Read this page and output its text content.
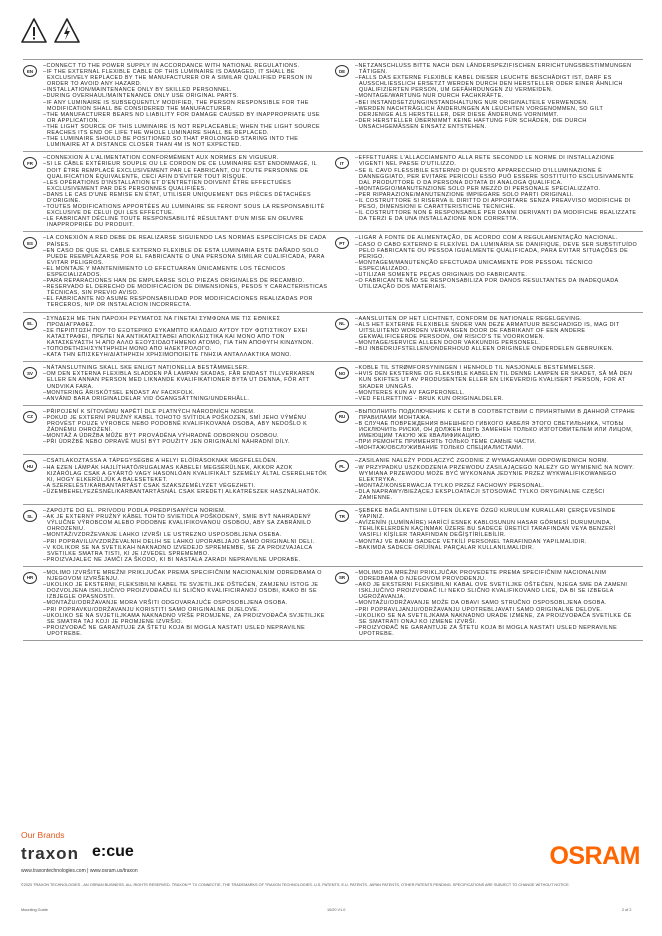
EN
–CONNECT TO THE POWER SUPPLY IN ACCORDANCE WITH NATIONAL REGULATIONS.
–IF THE EXTERNAL FLEXIBLE CABLE OF THIS LUMINAIRE IS DAMAGED, IT SHALL BE EXCLUSIVELY REPLACED BY THE MANUFACTURER OR A SIMILAR QUALIFIED PERSON IN ORDER TO AVOID ANY HAZARD.
–INSTALLATION/MAINTENANCE ONLY BY SKILLED PERSONNEL.
–DURING OVERHAUL/MAINTENANCE ONLY USE ORIGINAL PARTS.
–IF ANY LUMINAIRE IS SUBSEQUENTLY MODIFIED, THE PERSON RESPONSIBLE FOR THE MODIFICATION SHALL BE CONSIDERED THE MANUFACTURER.
–THE MANUFACTURER BEARS NO LIABILITY FOR DAMAGE CAUSED BY INAPPROPRIATE USE OR APPLICATION.
–THE LIGHT SOURCE OF THIS LUMINAIRE IS NOT REPLACEABLE; WHEN THE LIGHT SOURCE REACHES ITS END OF LIFE THE WHOLE LUMINAIRE SHALL BE REPLACED.
–THE LUMINAIRE SHOULD BE POSITIONED SO THAT PROLONGED STARING INTO THE LUMINAIRE AT A DISTANCE CLOSER THAN 4M IS NOT EXPECTED.
DE
–NETZANSCHLUSS BITTE NACH DEN LÄNDERSPEZIFISCHEN ERRICHTUNGSBESTIMMUNGEN TÄTIGEN.
–FALLS DAS EXTERNE FLEXIBLE KABEL DIESER LEUCHTE BESCHÄDIGT IST, DARF ES AUSSCHLIESSLICH ERSETZT WERDEN DURCH DEN HERSTELLER ODER EINER ÄHNLICH QUALIFIZIERTEN PERSON, UM GEFÄHRDUNGEN ZU VERMEIDEN.
–MONTAGE/WARTUNG NUR DURCH FACHKRÄFTE.
–BEI INSTANDSETZUNG/INSTANDHALTUNG NUR ORIGINALTEILE VERWENDEN.
–WERDEN NACHTRÄGLICH ÄNDERUNGEN AN LEUCHTEN VORGENOMMEN, SO GILT DERJENIGE ALS HERSTELLER, DER DIESE ÄNDERUNG VORNIMMT.
–DER HERSTELLER ÜBERNIMMT KEINE HAFTUNG FÜR SCHÄDEN, DIE DURCH UNSACHGEMÄSSEN EINSATZ ENTSTEHEN.
FR
–CONNEXION À L'ALIMENTATION CONFORMÉMENT AUX NORMES EN VIGUEUR.
–SI LE CÂBLE EXTÉRIEUR SOUPLE OU LE CORDON DE CE LUMINAIRE EST ENDOMMAGÉ, IL DOIT ÊTRE REMPLACÉ EXCLUSIVEMENT PAR LE FABRICANT, OU TOUTE PERSONNE DE QUALIFICATION ÉQUIVALENTE, CECI AFIN D'ÉVITER TOUT RISQUE.
–LES OPÉRATIONS D'INSTALLATION ET D'ENTRETIEN DOIVENT ÊTRE EFFECTUÉES EXCLUSIVEMENT PAR DES PERSONNES QUALIFIÉES.
–DANS LE CAS D'UNE REMISE EN ÉTAT, UTILISER UNIQUEMENT DES PIÈCES DÉTACHÉES D'ORIGINE.
–TOUTES MODIFICATIONS APPORTÉES AU LUMINAIRE SE FERONT SOUS LA RESPONSABILITÉ EXCLUSIVE DE CELUI QUI LES EFFECTUE.
–LE FABRICANT DÉCLINE TOUTE RESPONSABILITÉ RÉSULTANT D'UN MISE EN OEUVRE INAPPROPRIÉE DU PRODUIT.
IT
–EFFETTUARE L'ALLACCIAMENTO ALLA RETE SECONDO LE NORME DI INSTALLAZIONE VIGENTI NEL PAESE D'UTILIZZO.
–SE IL CAVO FLESSIBILE ESTERNO DI QUESTO APPARECCHIO D'ILLUMINAZIONE È DANNEGGIATO, PER EVITARE PERICOLI ESSO PUÒ ESSERE SOSTITUITO ESCLUSIVAMENTE DAL PRODUTTORE O DA PERSONA DOTATA DI ANALOGA QUALIFICA.
–MONTAGGIO/MANUTENZIONE SOLO PER MEZZO DI PERSONALE SPECIALIZZATO.
–PER RIPARAZIONE/MANUTENZIONE IMPIEGARE SOLO PARTI ORIGINALI.
–IL COSTRUTTORE SI RISERVA IL DIRITTO DI APPORTARE SENZA PREAVVISO MODIFICHE DI PESO, DIMENSIONI E CARATTERISTICHE TECNICHE.
–IL COSTRUTTORE NON È RESPONSABILE PER DANNI DERIVANTI DA MODIFICHE REALIZZATE DA TERZI E DA UNA INSTALLAZIONE NON CORRETTA.
ES
–LA CONEXIÓN A RED DEBE DE REALIZARSE SIGUIENDO LAS NORMAS ESPECÍFICAS DE CADA PAÍSES.
–EN CASO DE QUE EL CABLE EXTERNO FLEXIBLE DE ESTA LUMINARIA ESTE DAÑADO SOLO PUEDE REEMPLAZARSE POR EL FABRICANTE O UNA PERSONA SIMILAR CUALIFICADA, PARA EVITAR PELIGROS.
–EL MONTAJE Y MANTENIMIENTO LO EFECTUARAN ÚNICAMENTE LOS TÉCNICOS ESPECIALIZADOS.
–PARA REPARACIONES HAN DE EMPLEARSE SOLO PIEZAS ORIGINALES DE RECAMBIO.
–RESERVADO EL DERECHO DE MODIFICACION DE DIMENSIONES, PESOS Y CARACTERISTICAS TÉCNICAS, SIN PREVIO AVISO.
–EL FABRICANTE NO ASUME RESPONSABILIDAD POR MODIFICACIONES REALIZADAS POR TERCEROS, NIP OR INSTALACION INCORRECTA.
PT
–LIGAR À FONTE DE ALIMENTAÇÃO, DE ACORDO COM A REGULAMENTAÇÃO NACIONAL.
–CASO O CABO EXTERNO E FLEXÍVEL DA LUMINÁRIA SE DANIFIQUE, DEVE SER SUBSTITUÍDO PELO FABRICANTE OU PESSOA IGUALMENTE QUALIFICADA, PARA EVITAR SITUAÇÕES DE PERIGO.
–MONTAGEM/MANUTENÇÃO EFECTUADA UNICAMENTE POR PESSOAL TÉCNICO ESPECIALIZADO.
–UTILIZAR SOMENTE PEÇAS ORIGINAIS DO FABRICANTE.
–O FABRICANTE NÃO SE RESPONSABILIZA POR DANOS RESULTANTES DA INADEQUADA UTILIZAÇÃO DOS MATERIAIS.
EL
–ΣΥΝΔΕΣΗ ΜΕ ΤΗΝ ΠΑΡΟΧΗ ΡΕΥΜΑΤΟΣ ΝΑ ΓΙΝΕΤΑΙ ΣΥΜΦΩΝΑ ΜΕ ΤΙΣ ΕΘΝΙΚΕΣ ΠΡΟΔΙΑΓΡΑΦΕΣ.
–ΣΕ ΠΕΡΙΠΤΩΣΗ ΠΟΥ ΤΟ ΕΞΩΤΕΡΙΚΟ ΕΥΚΑΜΠΤΟ ΚΑΛΩΔΙΟ ΑΥΤΟΥ ΤΟΥ ΦΩΤΙΣΤΙΚΟΥ ΕΧΕΙ ΚΑΤΑΣΤΡΑΦΕΙ, ΠΡΕΠΕΙ ΝΑ ΑΝΤΙΚΑΤΑΣΤΑΘΕΙ ΑΠΟΚΛΕΙΣΤΙΚΑ ΚΑΙ ΜΟΝΟ ΑΠΟ ΤΟΝ ΚΑΤΑΣΚΕΥΑΣΤΗ Ή ΑΠΟ ΑΛΛΟ ΕΞΟΥΣΙΟΔΟΤΗΜΕΝΟ ΑΤΟΜΟ, ΓΙΑ ΤΗΝ ΑΠΟΦΥΓΗ ΚΙΝΔΥΝΟΝ.
–ΤΟΠΟΘΕΤΗΣΗ/ΣΥΝΤΗΡΗΣΗ ΜΟΝΟ ΑΠΟ ΗΛΕΚΤΡΟΛΟΓΟ.
–ΚΑΤΑ ΤΗΝ ΕΠΙΣΚΕΥΗ/ΔΙΑΤΗΡΗΣΗ ΧΡΗΣΙΜΟΠΟΙΕΙΤΕ ΓΝΗΣΙΑ ΑΝΤΑΛΛΑΚΤΙΚΑ ΜΟΝΟ.
NL
–AANSLUITEN OP HET LICHTNET, CONFORM DE NATIONALE REGELGEVING.
–ALS HET EXTERNE FLEXIBELE SNOER VAN DEZE ARMATUUR BESCHADIGD IS, MAG DIT UITSLUITEND WORDEN VERVANGEN DOOR DE FABRIKANT OF EEN ANDERE GEKWALIFICEERDE PERSOON, OM RISICO'S TE VOORKOMEN.
–MONTAGE/SERVICE ALLEEN DOOR VAKKUNDIG PERSONEEL.
–BIJ INBEDRIJFSTELLEN/ONDERHOUD ALLEEN ORIGINELE ONDERDELEN GEBRUIKEN.
SV
–NÄTANSLUTNING SKALL SKE ENLIGT NATIONELLA BESTÄMMELSER.
–OM DEN EXTERNA FLEXIBLA SLADDEN PÅ LAMPAN SKADAS, FÅR ENDAST TILLVERKAREN ELLER EN ANNAN PERSON MED LIKNANDE KVALIFIKATIONER BYTA UT DENNA, FÖR ATT UNDVIKA FARA.
–MONTERING ÄR/SKÖTSEL ENDAST AV FACKFOLK.
–ANVÄND BARA ORIGINALDELAR VID ÖGANGSÄTTNING/UNDERHÅLL.
NO
–KOBLE TIL STRØMFORSYNINGEN I HENHOLD TIL NASJONALE BESTEMMELSER.
–HVIS DEN EKSTERNE OG FLEKSIBLE KABELEN TIL DENNE LAMPEN ER SKADET, SÅ MÅ DEN KUN SKIFTES UT AV PRODUSENTEN ELLER EN LIKEVERDIG KVALISERT PERSON, FOR AT SKADER UNNGÅS.
–MONTERES KUN AV FAGPERONELL.
–VED FEILRETTING - BRUK KUN ORIGINALDELER.
CZ
–PŘIPOJENÍ K SÍTOVÉMU NAPĚTÍ DLE PLATNÝCH NÁRODNÍCH NOREM.
–POKUD JE EXTERNÍ PRUŽNÝ KABEL TOHOTO SVÍTIDLA POŠKOZEN, SMÍ JEHO VÝMĚNU PROVÉST POUZE VÝROBCE NEBO PODOBNĚ KVALIFIKOVANÁ OSOBA, ABY NEDOŠLO K ŽÁDNÉMU OHROŽENÍ.
–MONTÁŽ A ÚDRŽBA MŮŽE BÝT PROVÁDĚNA VÝHRADNĚ ODBORNOU OSOBOU.
–PŘI ÚDRŽBĚ NEBO OPRAVĚ MUSÍ BÝT POUŽITY JEN ORIGINÁLNÍ NÁHRADNÍ DÍLY.
RU
–ВЫПОЛНИТЬ ПОДКЛЮЧЕНИЕ К СЕТИ В СООТВЕТСТВИИ С ПРИНЯТЫМИ В ДАННОЙ СТРАНЕ ПРАВИЛАМИ МОНТАЖА.
–В СЛУЧАЕ ПОВРЕЖДЕНИЯ ВНЕШНЕГО ГИБКОГО КАБЕЛЯ ЭТОГО СВЕТИЛЬНИКА, ЧТОБЫ ИСКЛЮЧИТЬ РИСКИ, ОН ДОЛЖЕН БЫТЬ ЗАМЕНЕН ТОЛЬКО ИЗГОТОВИТЕЛЕМ ИЛИ ЛИЦОМ, ИМЕЮЩИМ ТАКУЮ ЖЕ КВАЛИФИКАЦИЮ.
–ПРИ РЕМОНТЕ ПРИМЕНЯТЬ ТОЛЬКО ТЕМЕ САМЫЕ ЧАСТИ.
–МОНТАЖ/ОБСЛУЖИВАНИЕ ТОЛЬКО СПЕЦИАЛИСТАМИ.
HU
–CSATLAKOZTASSA A TÁPEGYSÉGBE A HELYI ELŐÍRÁSOKNAK MEGFELELŐEN.
–HA EZEN LÁMPÁK HAJLÍTHATÓ/RUGALMAS KÁBELEI MEGSÉRÜLNEK, AKKOR AZOK KIZÁRÓLAG CSAK A GYÁRTÓ VAGY HASONLÓAN KVALIFIKÁLT SZEMÉLY ÁLTAL CSERÉLHETŐK KI, HOGY ELKERÜLJÜK A BALESETEKET.
–A SZERELÉST/KARBANTARTÁST CSAK SZAKSZEMÉLYZET VÉGEZHETI.
–ÜZEMBEHELYEZÉSNÉL/KARBANTARTÁSNÁL CSAK EREDETI ALKATRÉSZEK HASZNÁLHATÓK.
PL
–ZASILANIE NALEŻY PODŁĄCZYĆ ZGODNIE Z WYMAGANIAMI ODPOWIEDNICH NORM.
–W PRZYPADKU USZKODZENIA PRZEWODU ZASILAJĄCEGO NALEŻY GO WYMIENIĆ NA NOWY. WYMIANA PRZEWODU MOŻE BYĆ WYKONANA JEDYNIE PRZEZ WYKWALIFIKOWANEGO ELEKTRYKA.
–MONTAŻ/KONSERWACJA TYLKO PRZEZ FACHOWY PERSONAL.
–DLA NAPRAWY/BIEŻĄCEJ EKSPLOATACJI STOSOWAĆ TYLKO ORYGINALNE CZĘŚCI ZAMIENNE.
SL
–ZAPOJTE DO EL. PRIVODU PODLA PREDPISANÝCH NORIEM.
–AK JE EXTERNÝ PRUŽNÝ KÁBEL TOHTO SVIETIDLA POŠKODENÝ, SMIE BYŤ NAHRADENÝ VÝLUČNE VÝROBCOM ALEBO PODOBNE KVALIFIKOVANOU OSOBOU, ABY SA ZABRÁNILO OHROZENIU.
–MONTÁŽ/VZDRŽEVANJE LAHKO IZVRŠI LE USTREZNO USPOSOBLJENA OSEBA.
–PRI POPRAVILU/VZDRŽEVALNIH DELIH SE LAHKO UPORABLJAJO SAMO ORIGINALNI DELI.
–V KOLIKOR SE NA SVETILKAH NAKNADNO IZVEDEJO SPREMEMBE, SE ZA PROIZVAJALCA SVETILKE SMATRA TISTI, KI JE IZVEDEL SPREMEMBO.
–PROIZVAJALEC NE JAMČI ZA ŠKODO, KI BI NASTALA ZARADI NEPRAVILNE UPORABE.
TR
–ŞEBEKE BAĞLANTISINI LÜTFEN ÜLKEYE ÖZGÜ KURULUM KURALLARI ÇERÇEVESİNDE YAPINIZ.
–AVİZENİN (LUMİNAİRE) HARİCİ ESNEK KABLOSUNUN HASAR GÖRMESİ DURUMUNDA, TEHLİKELERDEN KAÇINMAK ÜZERE BU SADECE ÜRETİCİ TARAFINDAN VEYA BENZERİ VASIFLI KİŞİLER TARAFINDAN DEĞİŞTİRİLEBİLİR.
–MONTAJ VE BAKIM SADECE VETKİLİ PERSONEL TARAFINDAN YAPILMALIDIR.
–BAKIMDA SADECE ORİJİNAL PARÇALAR KULLANILMALIDIR.
HR
–MOLIMO IZVRŠITE MREŽNI PRIKLJUČAK PREMA SPECIFIČNIM NACIONALNIM ODREDBAMA O NJEGOVOM IZVRŠENJU.
–UKOLIKO JE EKSTERNI, FLEKSIBILNI KABEL TE SVJETILJKE OŠTEĆEN, ZAMJENU ISTOG JE DOZVOLJENA ISKLJUČIVO PROIZVOĐAČU ILI SLIČNO KVALIFICIRANOJ OSOBI, KAKO BI SE IZBJEGLE OPASNOSTI.
–MONTAŽU/ODRŽAVANJE MORA VRŠITI ODGOVARAJUĆE OSPOSOBLJENA OSOBA.
–PRI POPRAVKU/ODRŽAVANJU KORISTITI SAMO ORIGINALNE DIJELOVE.
–UKOLIKO SE NA SVJETILJKAMA NAKNADNO VRŠE PROMJENE, ZA PROIZVOĐAČA SVJETILJKE SE SMATRA TAJ KOJI JE PROMJENE IZVRŠIO.
–PROIZVOĐAČ NE GARANTUJE ZA ŠTETU KOJA BI MOGLA NASTATI USLED NEPRAVILNE UPOTREBE.
SR
–MOLIMO DA MREŽNI PRIKLJUČAK PROVEDETE PREMA SPECIFIČNIM NACIONALNIM ODREDBAMA O NJEGOVOM PROVOĐENJU.
–AKO JE EKSTERNI FLEKSIBILNI KABAL OVE SVETILJKE OŠTEĆEN, NJEGA SME DA ZAMENI ISKLJUČIVO PROIZVOĐAČ ILI NEKO SLIČNO KVALIFIKOVANO LICE, DA BI SE IZBEGLA UGROŽAVANJA.
–MONTAŽU/ODRŽAVANJE MOŽE DA OBAVI SAMO STRUČNO OSPOSOBLJENA OSOBA.
–PRI POPRAVLJANJU/ODRŽAVANJU UPOTREBLJAVATI SAMO ORIGINALNE DELOVE.
–UKOLIKO SE NA SVETILJKAMA NAKNADNO URADE IZMENE, ZA PROIZVOĐAČA SVETILKE ĆE SE SMATRATI ONAJ KO IZMENE IZVRŠI.
–PROIZVOĐAČ NE GARANTUJE ZA ŠTETU KOJA BI MOGLA NASTATI USLED NEPRAVILNE UPOTREBE.
Our Brands
traxon e:cue
www.traxontechnologies.com | www.osram.us/traxon
OSRAM
©2020 TRAXON TECHNOLOGIES - AN OSRAM BUSINESS. ALL RIGHTS RESERVED. TRAXON™ TX CONNECTIE, THE TRADEMARKS OF TRAXON TECHNOLOGIES. U.S. PATENTS. E.U. PATENTS. JAPAN PATENTS, OTHER PATENTS PENDING. SPECIFICATIONS ARE SUBJECT TO CHANGE WITHOUT NOTICE.
Mounting Guide	10/20 V1.0	2 of 2
